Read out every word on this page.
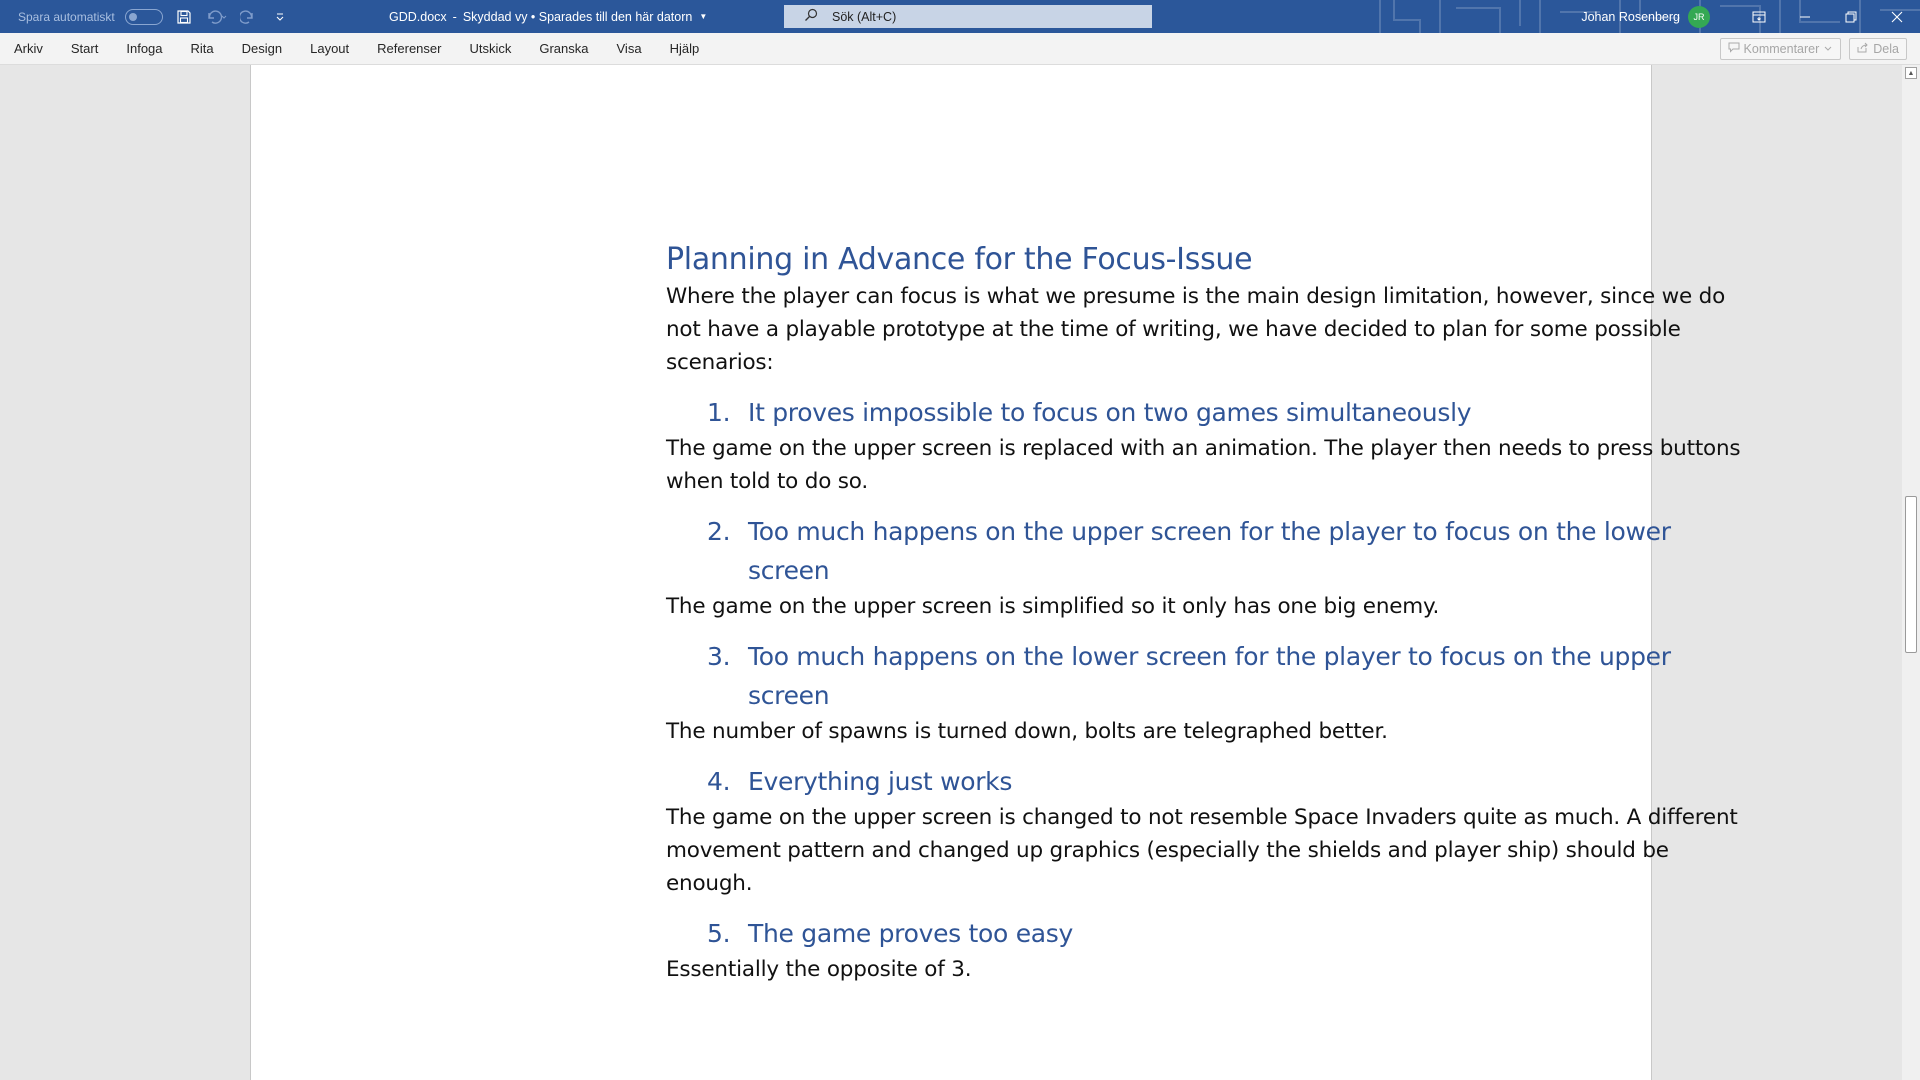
Spara automatiskt	GDD.docx - Skyddad vy • Sparades till den här datorn ▼	Sök (Alt+C)	Johan Rosenberg	JR
Arkiv	Start	Infoga	Rita	Design	Layout	Referenser	Utskick	Granska	Visa	Hjälp	Kommentarer	Dela
Planning in Advance for the Focus-Issue
Where the player can focus is what we presume is the main design limitation, however, since we do not have a playable prototype at the time of writing, we have decided to plan for some possible scenarios:
1. It proves impossible to focus on two games simultaneously
The game on the upper screen is replaced with an animation. The player then needs to press buttons when told to do so.
2. Too much happens on the upper screen for the player to focus on the lower screen
The game on the upper screen is simplified so it only has one big enemy.
3. Too much happens on the lower screen for the player to focus on the upper screen
The number of spawns is turned down, bolts are telegraphed better.
4. Everything just works
The game on the upper screen is changed to not resemble Space Invaders quite as much. A different movement pattern and changed up graphics (especially the shields and player ship) should be enough.
5. The game proves too easy
Essentially the opposite of 3.
▲
